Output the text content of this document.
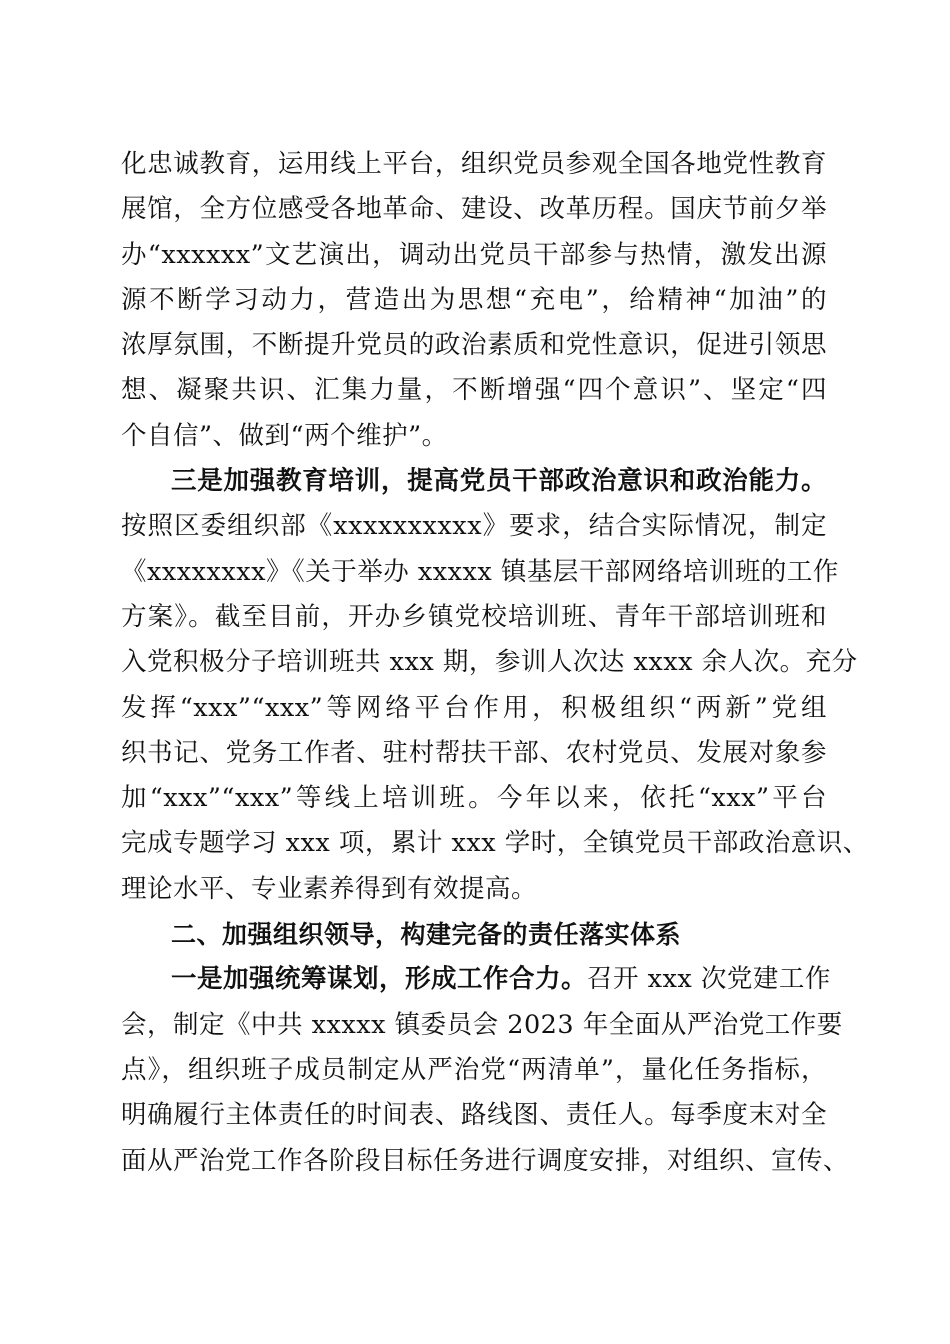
化忠诚教育，运用线上平台，组织党员参观全国各地党性教育
展馆，全方位感受各地革命、建设、改革历程。国庆节前夕举
办“xxxxxx”文艺演出，调动出党员干部参与热情，激发出源
源不断学习动力，营造出为思想“充电”，给精神“加油”的
浓厚氛围，不断提升党员的政治素质和党性意识，促进引领思
想、凝聚共识、汇集力量，不断增强“四个意识”、坚定“四
个自信”、做到“两个维护”。
三是加强教育培训，提高党员干部政治意识和政治能力。
按照区委组织部《xxxxxxxxxx》要求，结合实际情况，制定
《xxxxxxxx》《关于举办 xxxxx 镇基层干部网络培训班的工作
方案》。截至目前，开办乡镇党校培训班、青年干部培训班和
入党积极分子培训班共 xxx 期，参训人次达 xxxx 余人次。充分
发挥“xxx”“xxx”等网络平台作用，积极组织“两新”党组
织书记、党务工作者、驻村帮扶干部、农村党员、发展对象参
加“xxx”“xxx”等线上培训班。今年以来，依托“xxx”平台
完成专题学习 xxx 项，累计 xxx 学时，全镇党员干部政治意识、
理论水平、专业素养得到有效提高。
二、加强组织领导，构建完备的责任落实体系
一是加强统筹谋划，形成工作合力。召开 xxx 次党建工作
会，制定《中共 xxxxx 镇委员会 2023 年全面从严治党工作要
点》，组织班子成员制定从严治党“两清单”，量化任务指标，
明确履行主体责任的时间表、路线图、责任人。每季度末对全
面从严治党工作各阶段目标任务进行调度安排，对组织、宣传、
